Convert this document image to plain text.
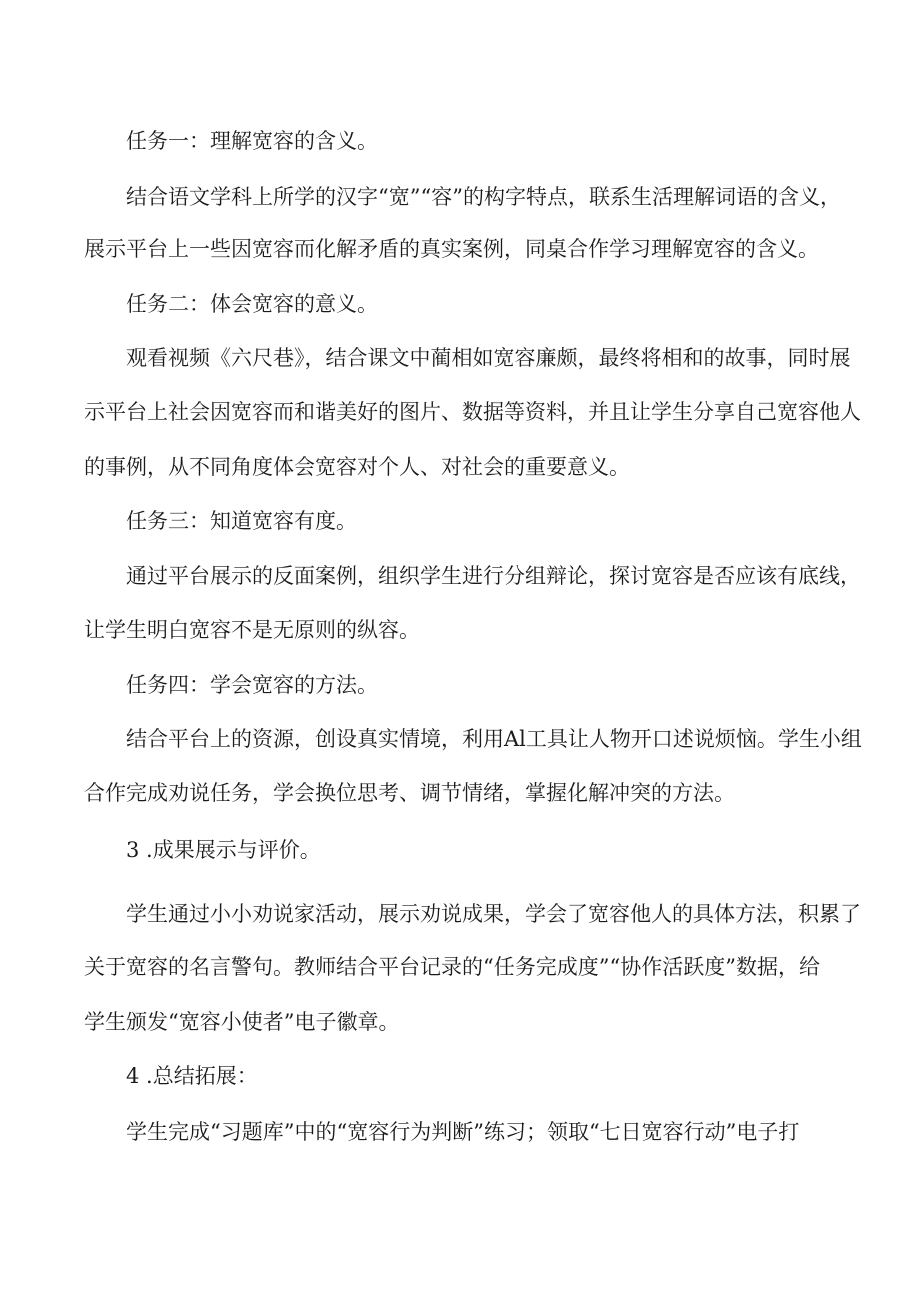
任务一：理解宽容的含义。
结合语文学科上所学的汉字“宽”“容”的构字特点，联系生活理解词语的含义，
展示平台上一些因宽容而化解矛盾的真实案例，同桌合作学习理解宽容的含义。
任务二：体会宽容的意义。
观看视频《六尺巷》，结合课文中蔺相如宽容廉颇，最终将相和的故事，同时展
示平台上社会因宽容而和谐美好的图片、数据等资料，并且让学生分享自己宽容他人
的事例，从不同角度体会宽容对个人、对社会的重要意义。
任务三：知道宽容有度。
通过平台展示的反面案例，组织学生进行分组辩论，探讨宽容是否应该有底线，
让学生明白宽容不是无原则的纵容。
任务四：学会宽容的方法。
结合平台上的资源，创设真实情境，利用Al工具让人物开口述说烦恼。学生小组
合作完成劝说任务，学会换位思考、调节情绪，掌握化解冲突的方法。
3 .成果展示与评价。
学生通过小小劝说家活动，展示劝说成果，学会了宽容他人的具体方法，积累了
关于宽容的名言警句。教师结合平台记录的“任务完成度”“协作活跃度”数据，给
学生颁发“宽容小使者”电子徽章。
4 .总结拓展：
学生完成“习题库”中的“宽容行为判断”练习；领取“七日宽容行动”电子打
